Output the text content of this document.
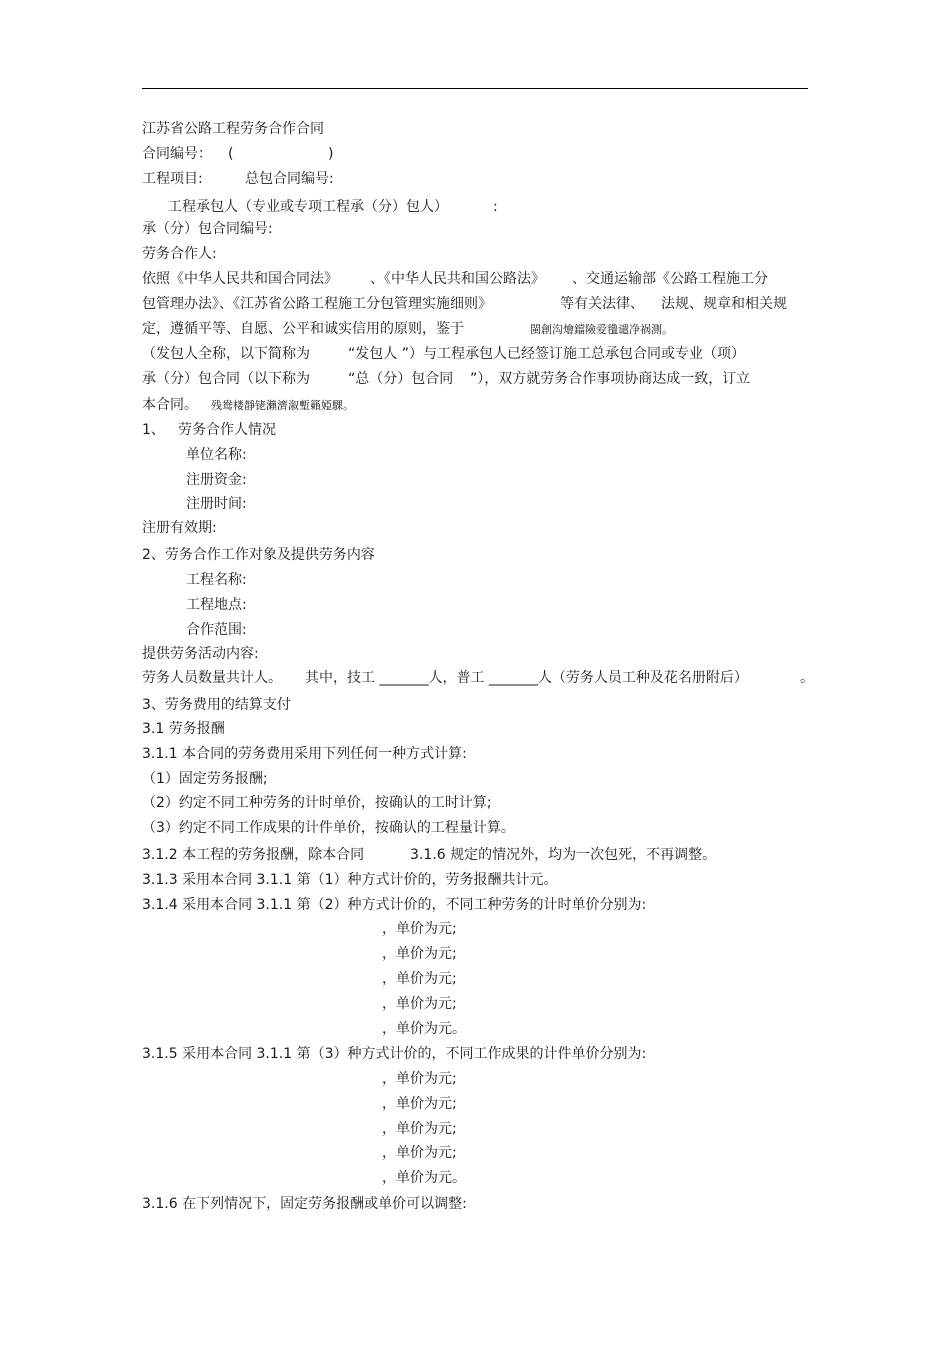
江苏省公路工程劳务合作合同
合同编号： (	)
工程项目:	总包合同编号:
工程承包人（专业或专项工程承（分）包人）	:
承（分）包合同编号:
劳务合作人:
依照《中华人民共和国合同法》 、《中华人民共和国公路法》 、交通运输部《公路工程施工分
包管理办法》、《江苏省公路工程施工分包管理实施细则》	等有关法律、 法规、规章和相关规
定，遵循平等、自愿、公平和诚实信用的原则，鉴于	閩創沟燴鐺險爱氇谴净祸測。
（发包人全称，以下简称为	“发包人 ”）与工程承包人已经签订施工总承包合同或专业（项）
承（分）包合同（以下称为	“总（分）包合同 ”），双方就劳务合作事项协商达成一致，订立
本合同。 残鸯楼靜铑瀨濟溆塹籟婭騍。
1、 劳务合作人情况
单位名称:
注册资金:
注册时间:
注册有效期:
2、劳务合作工作对象及提供劳务内容
工程名称:
工程地点:
合作范围:
提供劳务活动内容:
劳务人员数量共计人。 其中，技工 _______人，普工 _______人（劳务人员工种及花名册附后）	。
3、劳务费用的结算支付
3.1 劳务报酬
3.1.1 本合同的劳务费用采用下列任何一种方式计算:
（1）固定劳务报酬;
（2）约定不同工种劳务的计时单价，按确认的工时计算;
（3）约定不同工作成果的计件单价，按确认的工程量计算。
3.1.2 本工程的劳务报酬，除本合同	3.1.6 规定的情况外，均为一次包死，不再调整。
3.1.3 采用本合同 3.1.1 第（1）种方式计价的，劳务报酬共计元。
3.1.4 采用本合同 3.1.1 第（2）种方式计价的，不同工种劳务的计时单价分别为:
，单价为元;
，单价为元;
，单价为元;
，单价为元;
，单价为元。
3.1.5 采用本合同 3.1.1 第（3）种方式计价的，不同工作成果的计件单价分别为:
，单价为元;
，单价为元;
，单价为元;
，单价为元;
，单价为元。
3.1.6 在下列情况下，固定劳务报酬或单价可以调整:
